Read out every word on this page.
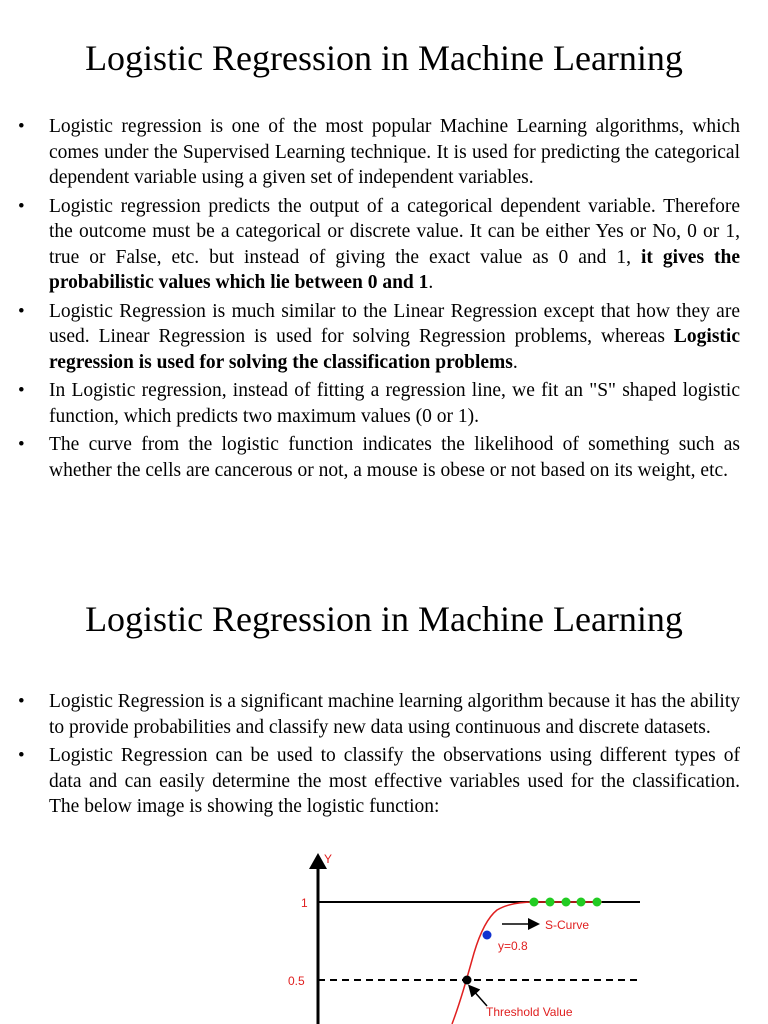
Logistic Regression in Machine Learning
• Logistic regression is one of the most popular Machine Learning algorithms, which comes under the Supervised Learning technique. It is used for predicting the categorical dependent variable using a given set of independent variables.
• Logistic regression predicts the output of a categorical dependent variable. Therefore the outcome must be a categorical or discrete value. It can be either Yes or No, 0 or 1, true or False, etc. but instead of giving the exact value as 0 and 1, it gives the probabilistic values which lie between 0 and 1.
• Logistic Regression is much similar to the Linear Regression except that how they are used. Linear Regression is used for solving Regression problems, whereas Logistic regression is used for solving the classification problems.
• In Logistic regression, instead of fitting a regression line, we fit an "S" shaped logistic function, which predicts two maximum values (0 or 1).
• The curve from the logistic function indicates the likelihood of something such as whether the cells are cancerous or not, a mouse is obese or not based on its weight, etc.
Logistic Regression in Machine Learning
• Logistic Regression is a significant machine learning algorithm because it has the ability to provide probabilities and classify new data using continuous and discrete datasets.
• Logistic Regression can be used to classify the observations using different types of data and can easily determine the most effective variables used for the classification. The below image is showing the logistic function:
Y
1
0.5
S-Curve
y=0.8
Threshold Value
